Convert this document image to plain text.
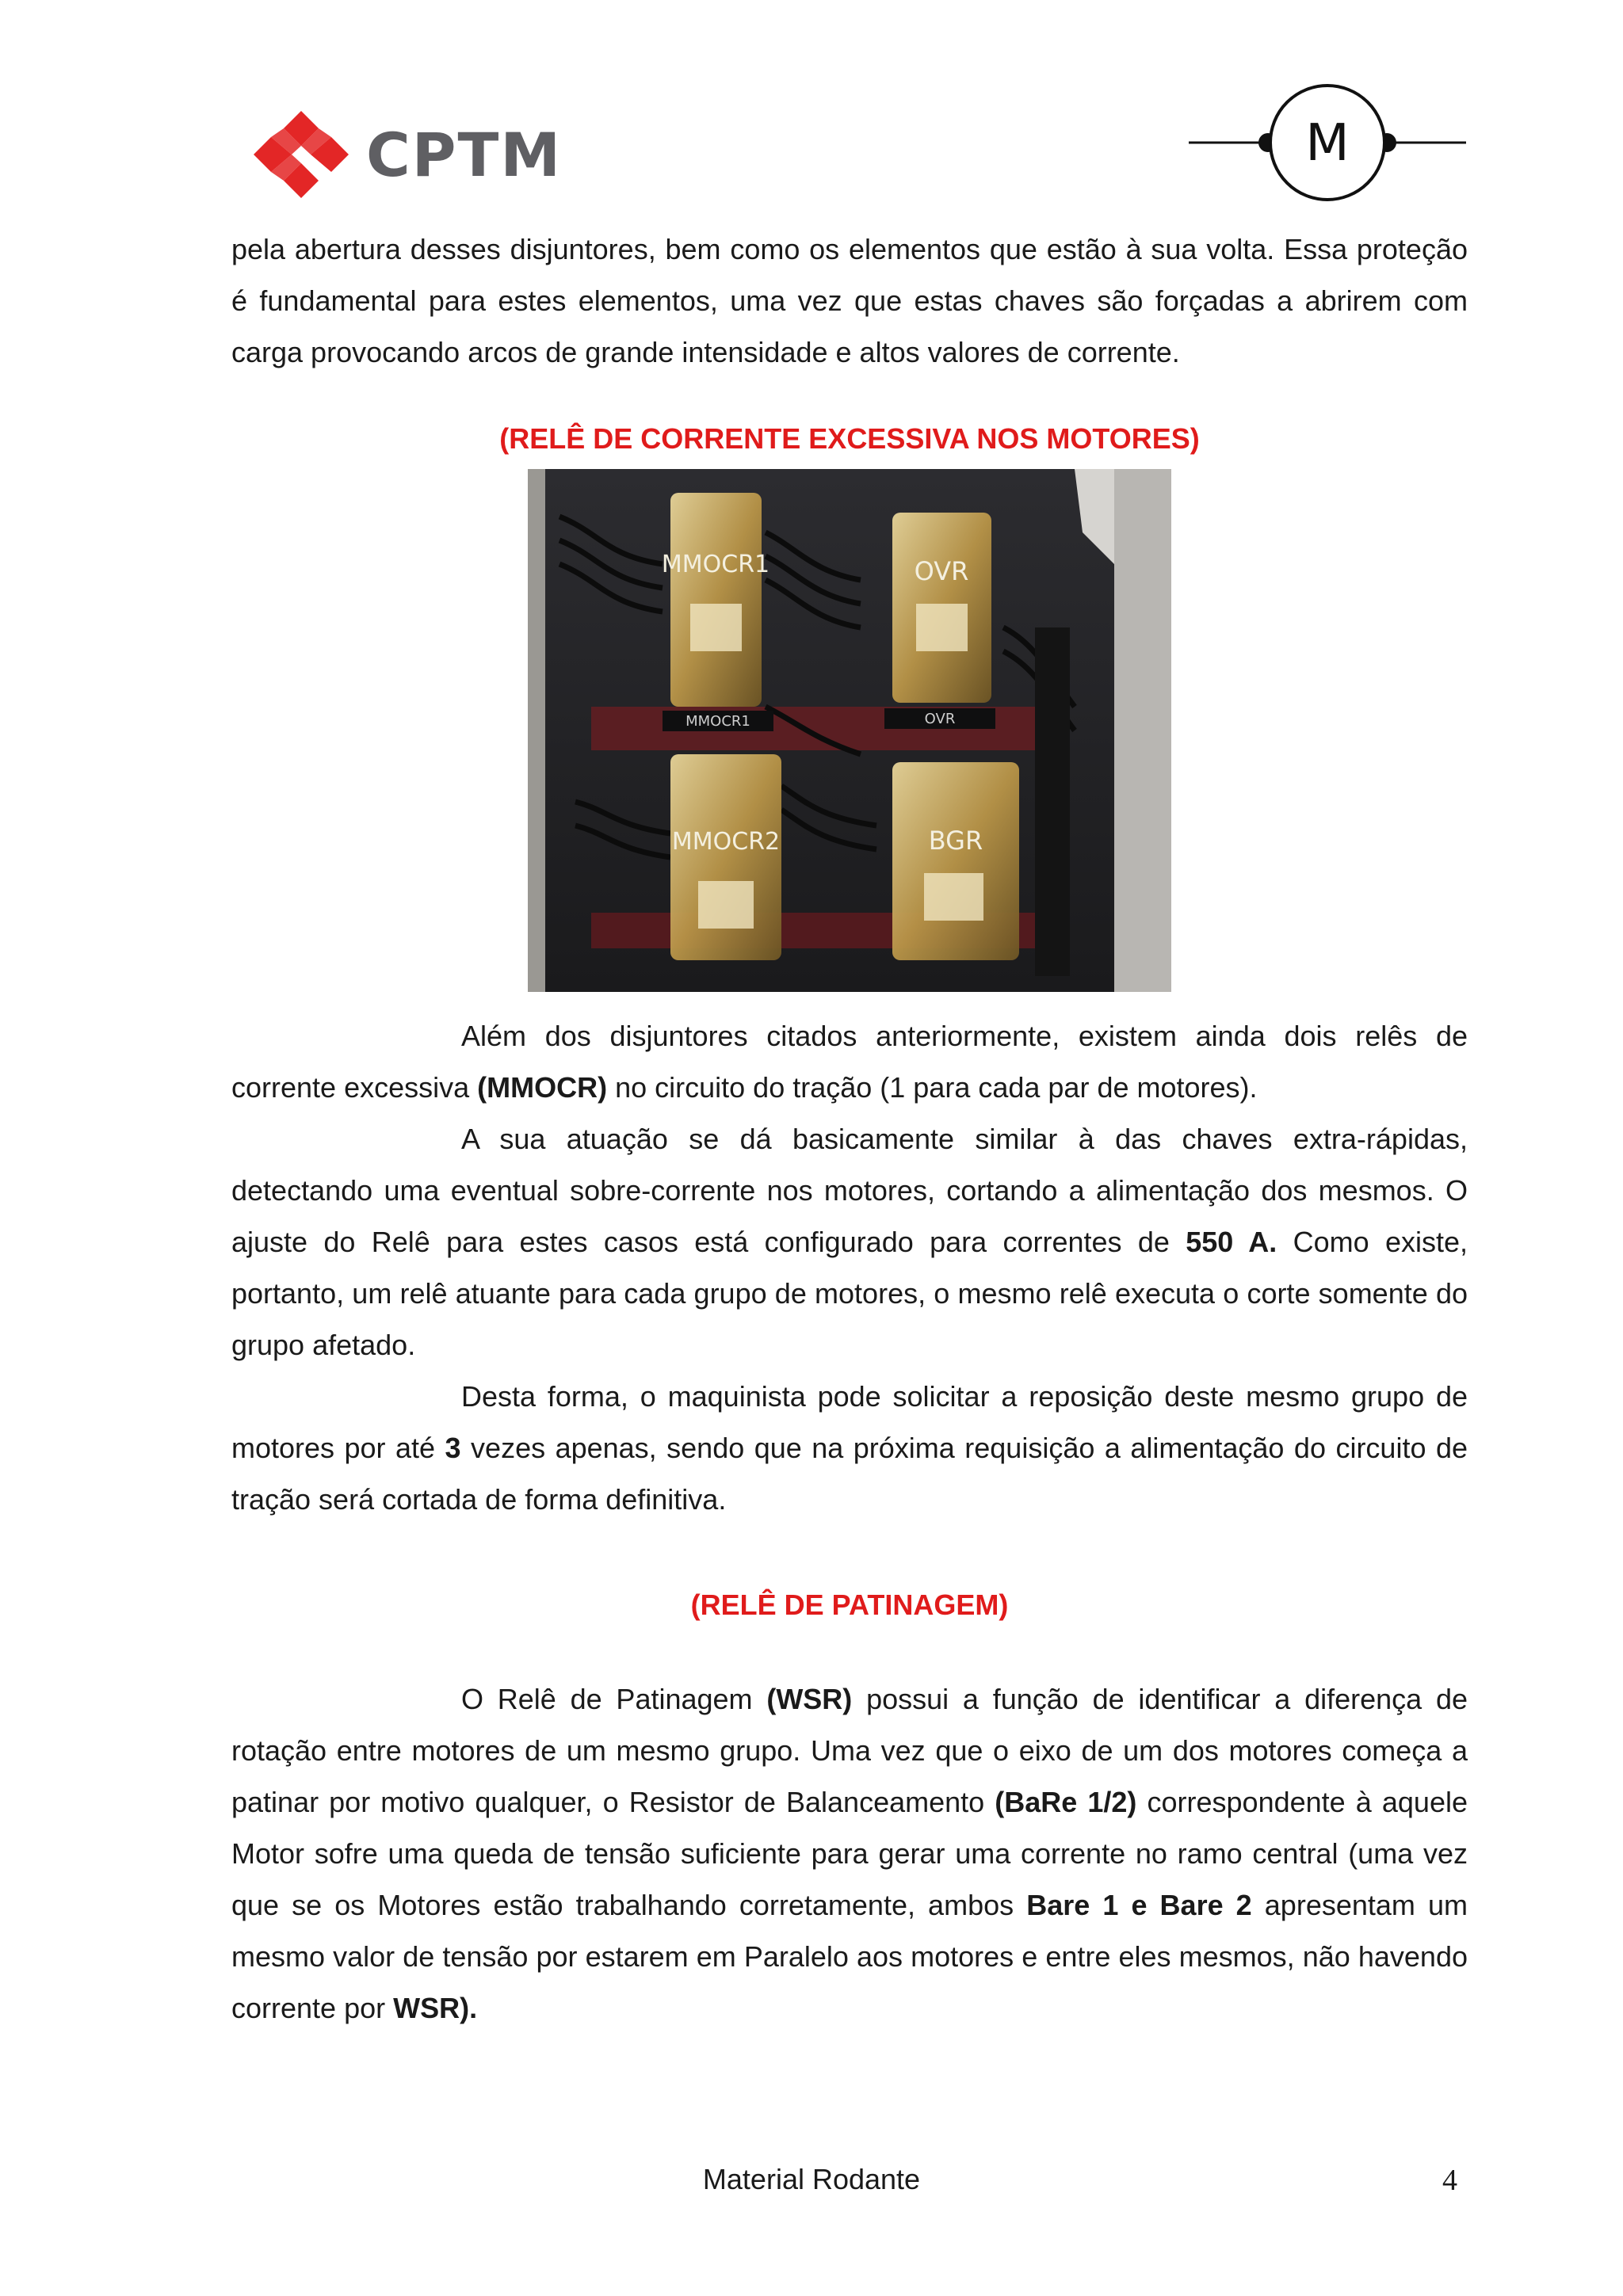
CPTM	M

pela abertura desses disjuntores, bem como os elementos que estão à sua volta. Essa proteção é fundamental para estes elementos, uma vez que estas chaves são forçadas a abrirem com carga provocando arcos de grande intensidade e altos valores de corrente.

(RELÊ DE CORRENTE EXCESSIVA NOS MOTORES)
MMOCR1	OVR
MMOCR2	BGR
MMOCR1	OVR

Além dos disjuntores citados anteriormente, existem ainda dois relês de corrente excessiva (MMOCR) no circuito do tração (1 para cada par de motores).

A sua atuação se dá basicamente similar à das chaves extra-rápidas, detectando uma eventual sobre-corrente nos motores, cortando a alimentação dos mesmos. O ajuste do Relê para estes casos está configurado para correntes de 550 A. Como existe, portanto, um relê atuante para cada grupo de motores, o mesmo relê executa o corte somente do grupo afetado.

Desta forma, o maquinista pode solicitar a reposição deste mesmo grupo de motores por até 3 vezes apenas, sendo que na próxima requisição a alimentação do circuito de tração será cortada de forma definitiva.

(RELÊ DE PATINAGEM)

O Relê de Patinagem (WSR) possui a função de identificar a diferença de rotação entre motores de um mesmo grupo. Uma vez que o eixo de um dos motores começa a patinar por motivo qualquer, o Resistor de Balanceamento (BaRe 1/2) correspondente à aquele Motor sofre uma queda de tensão suficiente para gerar uma corrente no ramo central (uma vez que se os Motores estão trabalhando corretamente, ambos Bare 1 e Bare 2 apresentam um mesmo valor de tensão por estarem em Paralelo aos motores e entre eles mesmos, não havendo corrente por WSR).

Material Rodante	4
